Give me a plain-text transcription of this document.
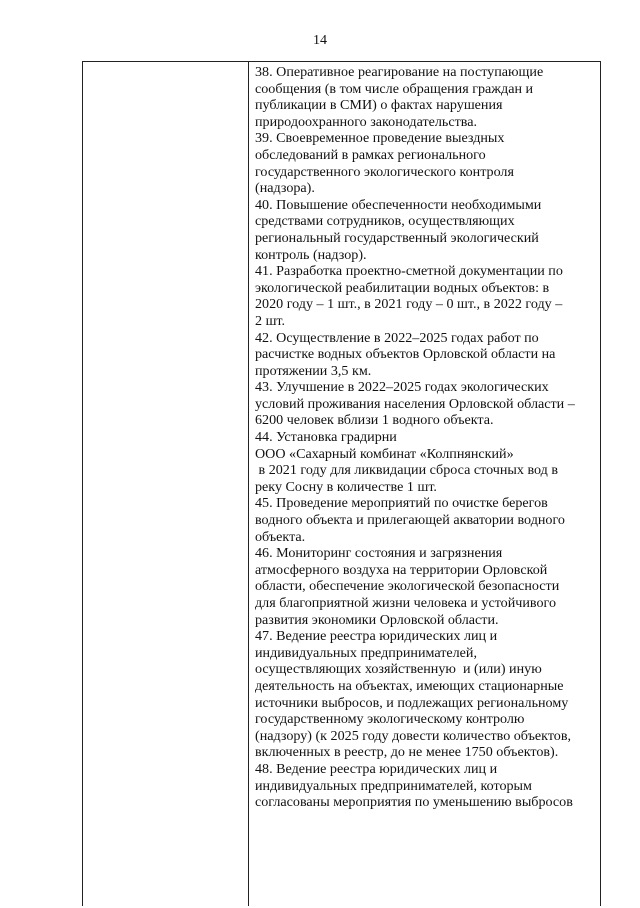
14
38. Оперативное реагирование на поступающие
сообщения (в том числе обращения граждан и
публикации в СМИ) о фактах нарушения
природоохранного законодательства.
39. Своевременное проведение выездных
обследований в рамках регионального
государственного экологического контроля
(надзора).
40. Повышение обеспеченности необходимыми
средствами сотрудников, осуществляющих
региональный государственный экологический
контроль (надзор).
41. Разработка проектно-сметной документации по
экологической реабилитации водных объектов: в
2020 году – 1 шт., в 2021 году – 0 шт., в 2022 году –
2 шт.
42. Осуществление в 2022–2025 годах работ по
расчистке водных объектов Орловской области на
протяжении 3,5 км.
43. Улучшение в 2022–2025 годах экологических
условий проживания населения Орловской области –
6200 человек вблизи 1 водного объекта.
44. Установка градирни
ООО «Сахарный комбинат «Колпнянский»
в 2021 году для ликвидации сброса сточных вод в
реку Сосну в количестве 1 шт.
45. Проведение мероприятий по очистке берегов
водного объекта и прилегающей акватории водного
объекта.
46. Мониторинг состояния и загрязнения
атмосферного воздуха на территории Орловской
области, обеспечение экологической безопасности
для благоприятной жизни человека и устойчивого
развития экономики Орловской области.
47. Ведение реестра юридических лиц и
индивидуальных предпринимателей,
осуществляющих хозяйственную  и (или) иную
деятельность на объектах, имеющих стационарные
источники выбросов, и подлежащих региональному
государственному экологическому контролю
(надзору) (к 2025 году довести количество объектов,
включенных в реестр, до не менее 1750 объектов).
48. Ведение реестра юридических лиц и
индивидуальных предпринимателей, которым
согласованы мероприятия по уменьшению выбросов
